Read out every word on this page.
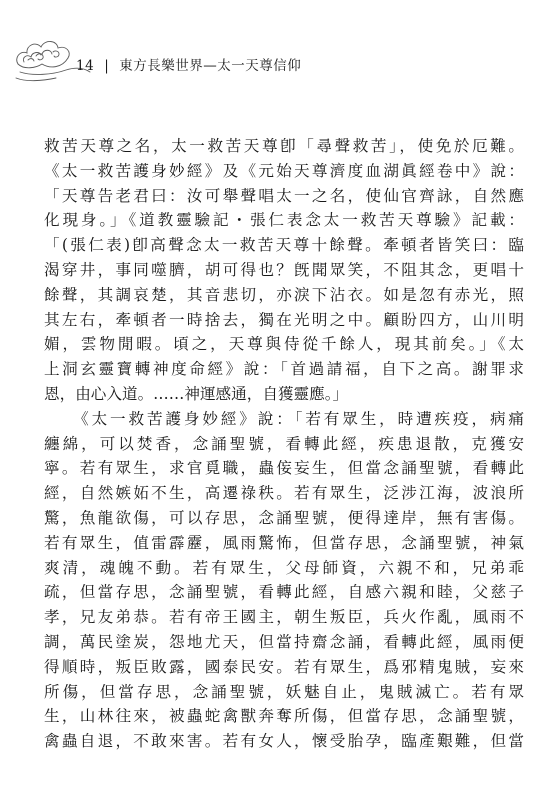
14 | 東方長樂世界—太一天尊信仰
救苦天尊之名，太一救苦天尊卽「尋聲救苦」，使免於厄難。
《太一救苦護身妙經》及《元始天尊濟度血湖眞經卷中》說：
「天尊告老君曰：汝可舉聲唱太一之名，使仙官齊詠，自然應
化現身。」《道教靈驗記・張仁表念太一救苦天尊驗》記載：
「(張仁表)卽高聲念太一救苦天尊十餘聲。牽頓者皆笑曰：臨
渴穿井，事同噬臍，胡可得也？旣聞眾笑，不阻其念，更唱十
餘聲，其調哀楚，其音悲切，亦淚下沾衣。如是忽有赤光，照
其左右，牽頓者一時捨去，獨在光明之中。顧盼四方，山川明
媚，雲物閒暇。頃之，天尊與侍從千餘人，現其前矣。」《太
上洞玄靈寶轉神度命經》說：「首過請福，自下之高。謝罪求
恩，由心入道。……神運感通，自獲靈應。」
　　《太一救苦護身妙經》說：「若有眾生，時遭疾疫，病痛
纏綿，可以焚香，念誦聖號，看轉此經，疾患退散，克獲安
寧。若有眾生，求官覓職，蟲侫妄生，但當念誦聖號，看轉此
經，自然嫉妬不生，高遷祿秩。若有眾生，泛涉江海，波浪所
驚，魚龍欲傷，可以存思，念誦聖號，便得達岸，無有害傷。
若有眾生，值雷霹靂，風雨驚怖，但當存思，念誦聖號，神氣
爽清，魂魄不動。若有眾生，父母師資，六親不和，兄弟乖
疏，但當存思，念誦聖號，看轉此經，自感六親和睦，父慈子
孝，兄友弟恭。若有帝王國主，朝生叛臣，兵火作亂，風雨不
調，萬民塗炭，怨地尤天，但當持齋念誦，看轉此經，風雨便
得順時，叛臣敗露，國泰民安。若有眾生，爲邪精鬼賊，妄來
所傷，但當存思，念誦聖號，妖魅自止，鬼賊滅亡。若有眾
生，山林往來，被蟲蛇禽獸奔奪所傷，但當存思，念誦聖號，
禽蟲自退，不敢來害。若有女人，懷受胎孕，臨產艱難，但當
